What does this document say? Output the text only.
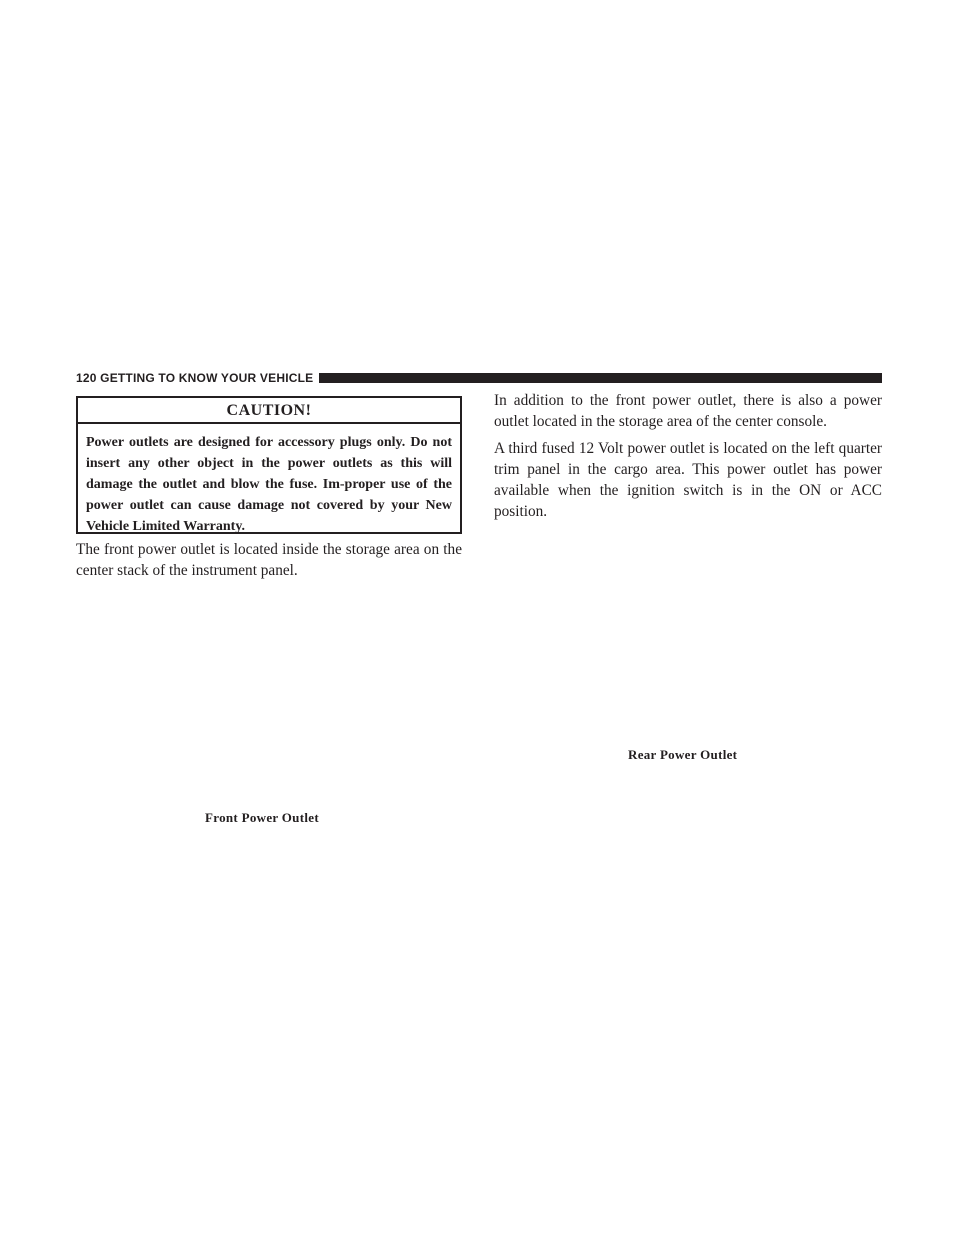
120 GETTING TO KNOW YOUR VEHICLE
CAUTION!
Power outlets are designed for accessory plugs only. Do not insert any other object in the power outlets as this will damage the outlet and blow the fuse. Im-proper use of the power outlet can cause damage not covered by your New Vehicle Limited Warranty.

The front power outlet is located inside the storage area on the center stack of the instrument panel.

In addition to the front power outlet, there is also a power outlet located in the storage area of the center console.

A third fused 12 Volt power outlet is located on the left quarter trim panel in the cargo area. This power outlet has power available when the ignition switch is in the ON or ACC position.

Front Power Outlet
Rear Power Outlet
